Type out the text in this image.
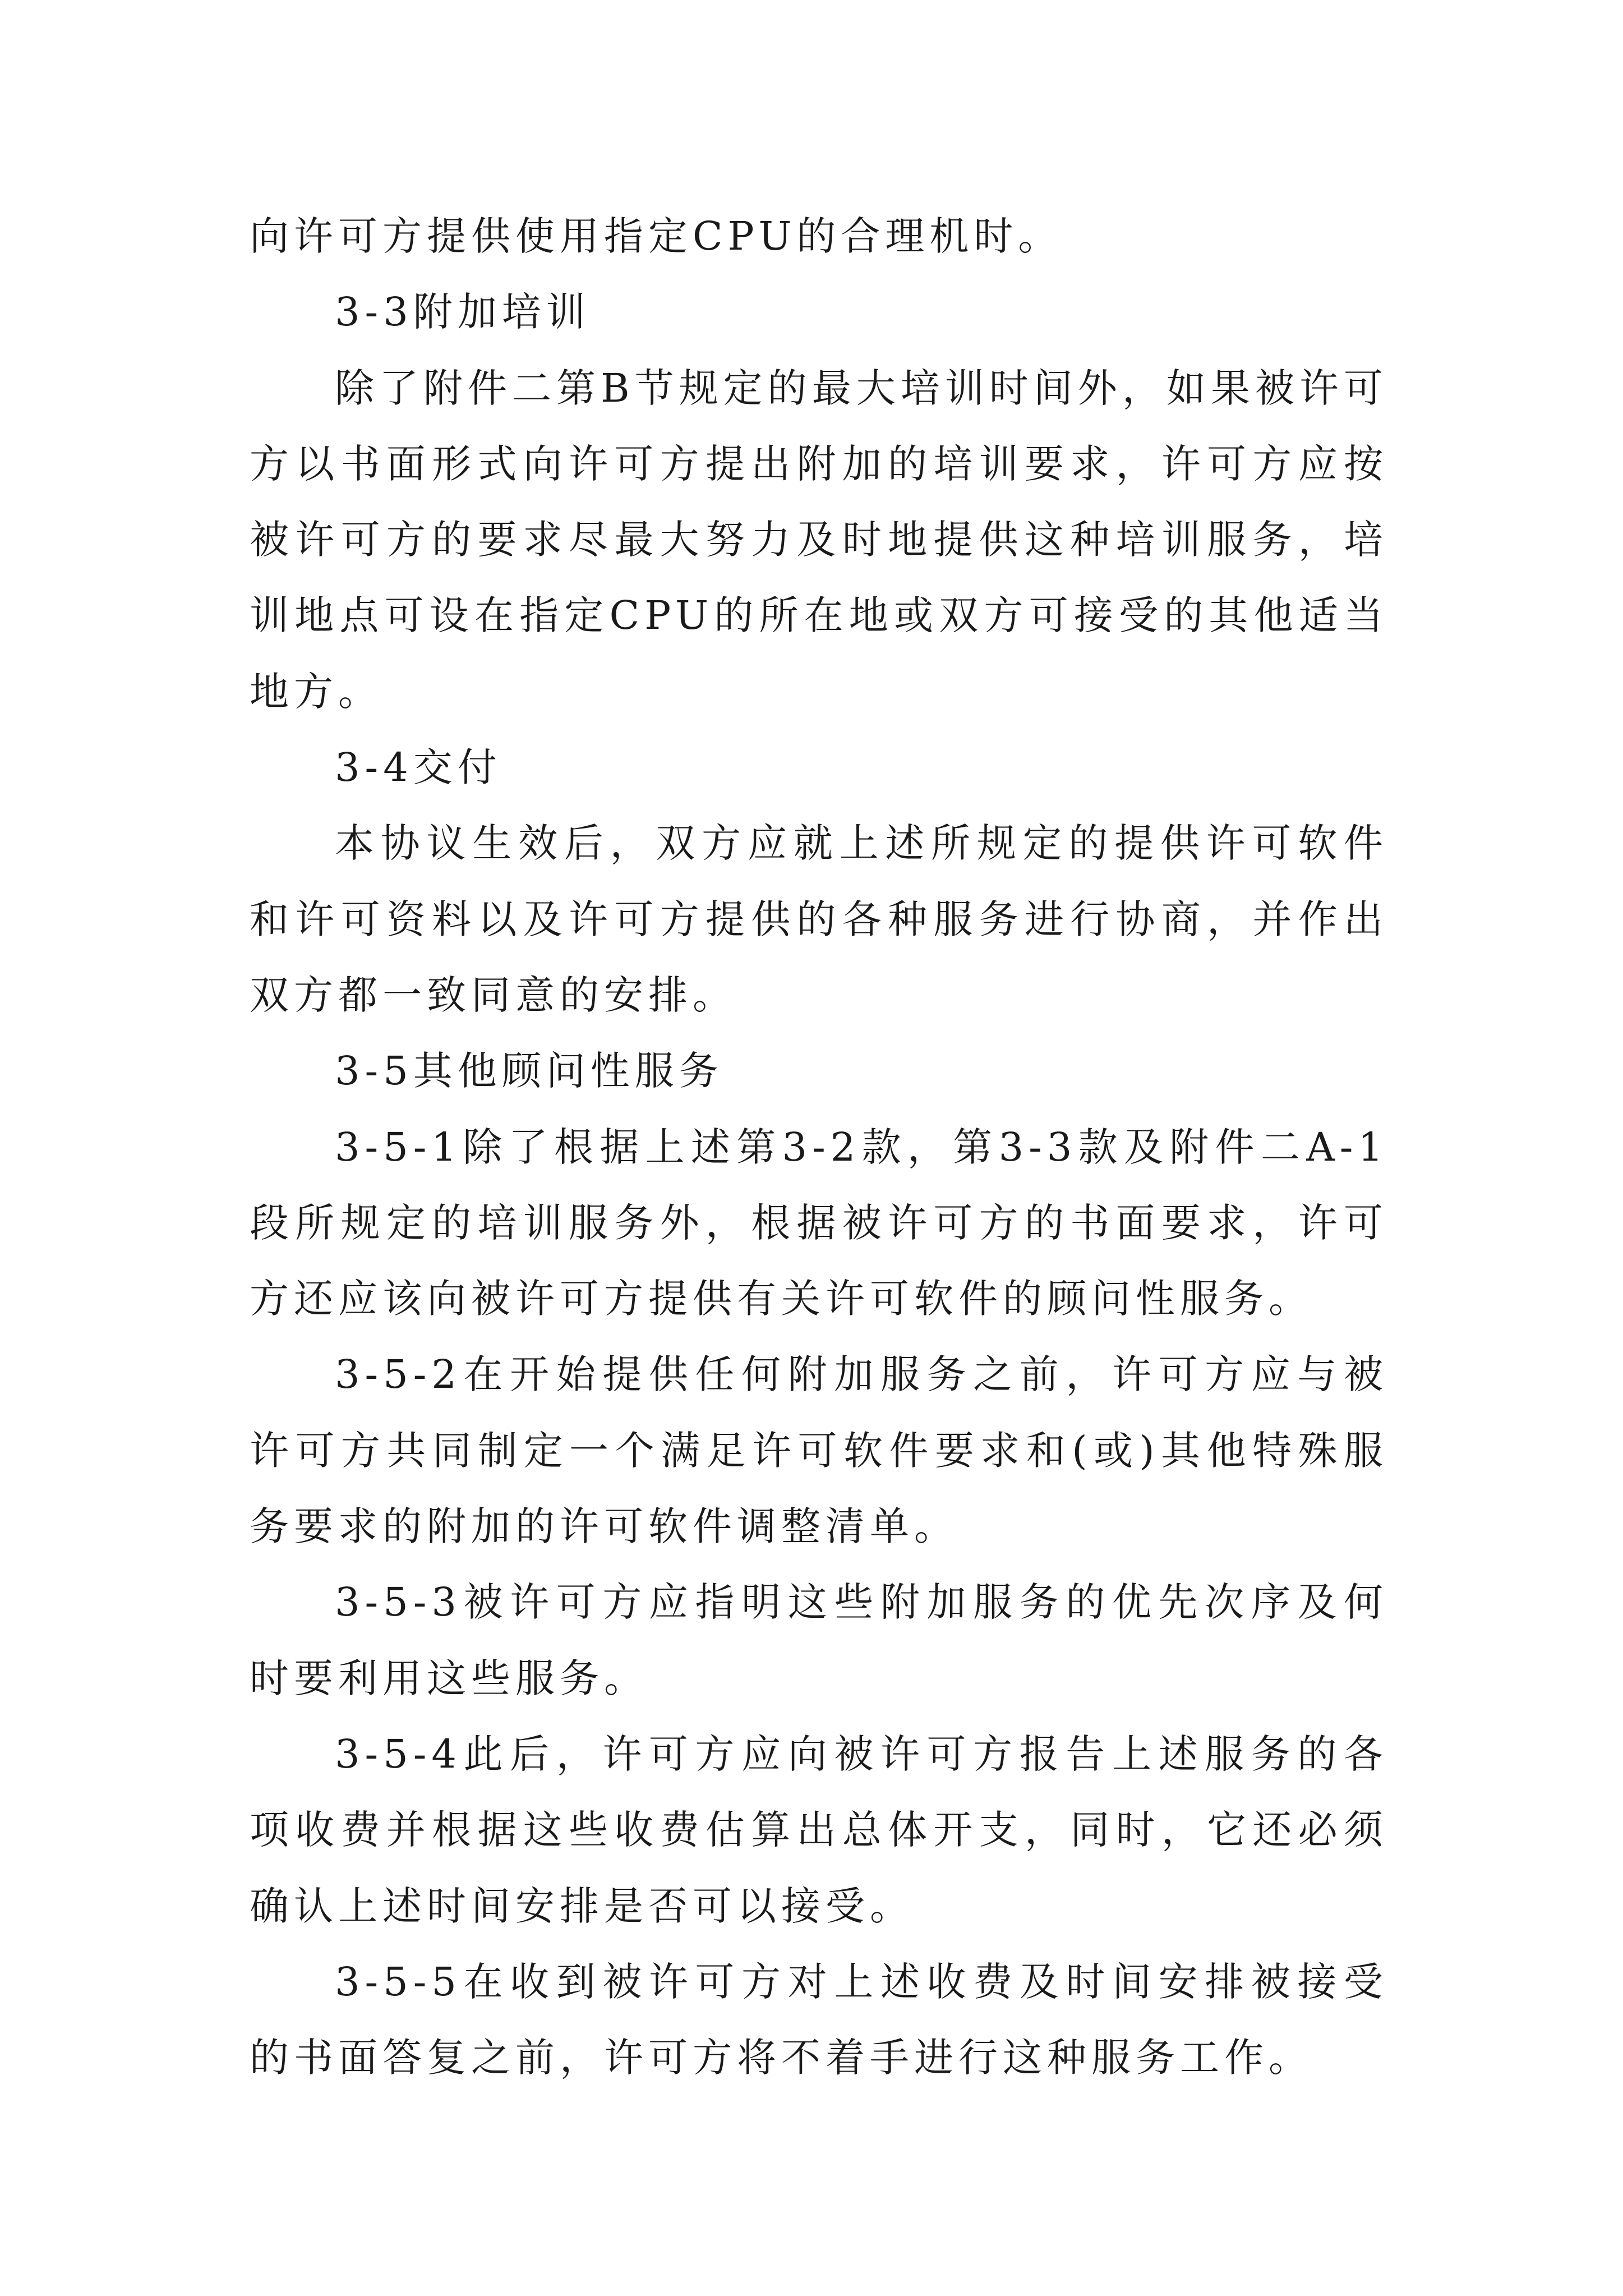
向许可方提供使用指定CPU的合理机时。

3-3附加培训

除了附件二第B节规定的最大培训时间外，如果被许可方以书面形式向许可方提出附加的培训要求，许可方应按被许可方的要求尽最大努力及时地提供这种培训服务，培训地点可设在指定CPU的所在地或双方可接受的其他适当地方。

3-4交付

本协议生效后，双方应就上述所规定的提供许可软件和许可资料以及许可方提供的各种服务进行协商，并作出双方都一致同意的安排。

3-5其他顾问性服务

3-5-1除了根据上述第3-2款，第3-3款及附件二A-1段所规定的培训服务外，根据被许可方的书面要求，许可方还应该向被许可方提供有关许可软件的顾问性服务。

3-5-2在开始提供任何附加服务之前，许可方应与被许可方共同制定一个满足许可软件要求和(或)其他特殊服务要求的附加的许可软件调整清单。

3-5-3被许可方应指明这些附加服务的优先次序及何时要利用这些服务。

3-5-4此后，许可方应向被许可方报告上述服务的各项收费并根据这些收费估算出总体开支，同时，它还必须确认上述时间安排是否可以接受。

3-5-5在收到被许可方对上述收费及时间安排被接受的书面答复之前，许可方将不着手进行这种服务工作。
